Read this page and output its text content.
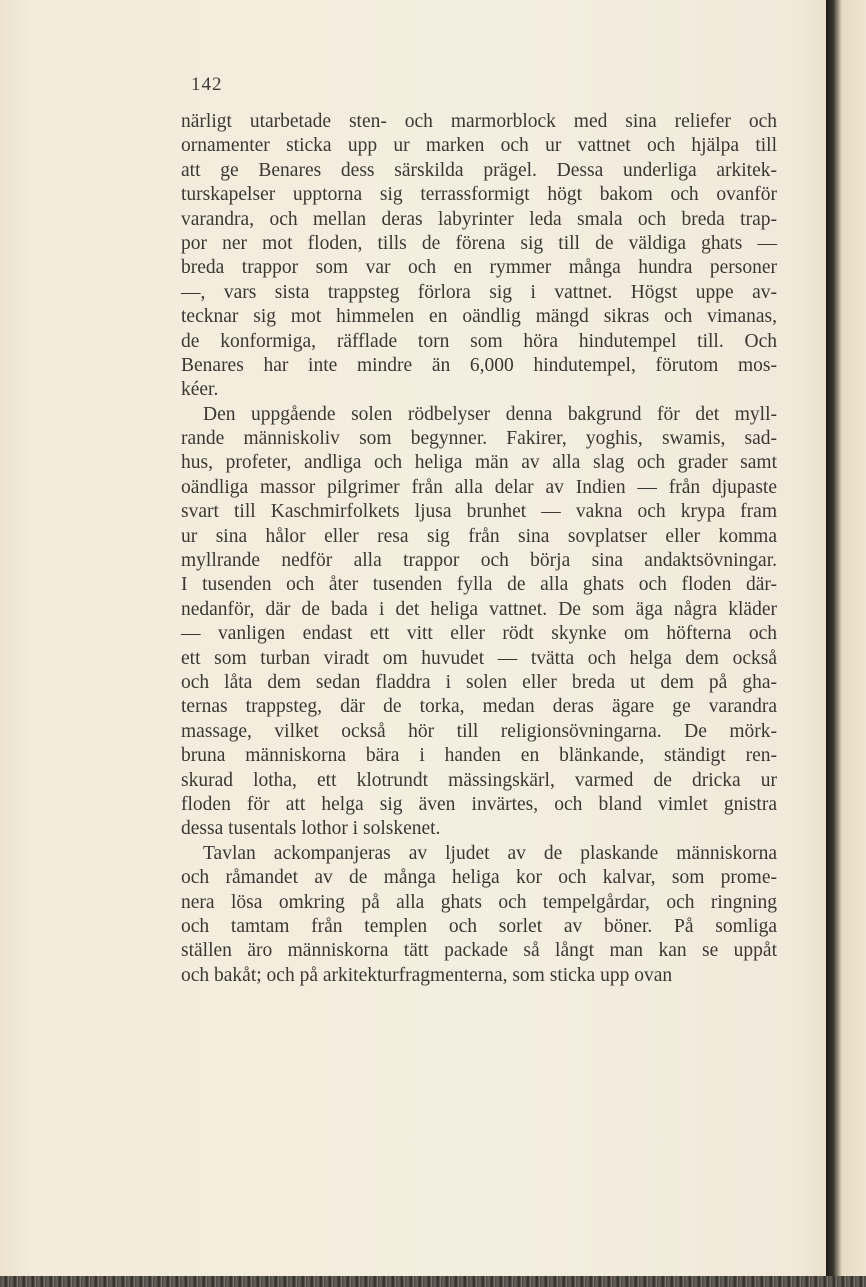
142
närligt utarbetade sten- och marmorblock med sina reliefer och
ornamenter sticka upp ur marken och ur vattnet och hjälpa till
att ge Benares dess särskilda prägel. Dessa underliga arkitek-
turskapelser upptorna sig terrassformigt högt bakom och ovanför
varandra, och mellan deras labyrinter leda smala och breda trap-
por ner mot floden, tills de förena sig till de väldiga ghats —
breda trappor som var och en rymmer många hundra personer
—, vars sista trappsteg förlora sig i vattnet. Högst uppe av-
tecknar sig mot himmelen en oändlig mängd sikras och vimanas,
de konformiga, räfflade torn som höra hindutempel till. Och
Benares har inte mindre än 6,000 hindutempel, förutom mos-
kéer.
Den uppgående solen rödbelyser denna bakgrund för det myll-
rande människoliv som begynner. Fakirer, yoghis, swamis, sad-
hus, profeter, andliga och heliga män av alla slag och grader samt
oändliga massor pilgrimer från alla delar av Indien — från djupaste
svart till Kaschmirfolkets ljusa brunhet — vakna och krypa fram
ur sina hålor eller resa sig från sina sovplatser eller komma
myllrande nedför alla trappor och börja sina andaktsövningar.
I tusenden och åter tusenden fylla de alla ghats och floden där-
nedanför, där de bada i det heliga vattnet. De som äga några kläder
— vanligen endast ett vitt eller rödt skynke om höfterna och
ett som turban viradt om huvudet — tvätta och helga dem också
och låta dem sedan fladdra i solen eller breda ut dem på gha-
ternas trappsteg, där de torka, medan deras ägare ge varandra
massage, vilket också hör till religionsövningarna. De mörk-
bruna människorna bära i handen en blänkande, ständigt ren-
skurad lotha, ett klotrundt mässingskärl, varmed de dricka ur
floden för att helga sig även invärtes, och bland vimlet gnistra
dessa tusentals lothor i solskenet.
Tavlan ackompanjeras av ljudet av de plaskande människorna
och råmandet av de många heliga kor och kalvar, som prome-
nera lösa omkring på alla ghats och tempelgårdar, och ringning
och tamtam från templen och sorlet av böner. På somliga
ställen äro människorna tätt packade så långt man kan se uppåt
och bakåt; och på arkitekturfragmenterna, som sticka upp ovan
